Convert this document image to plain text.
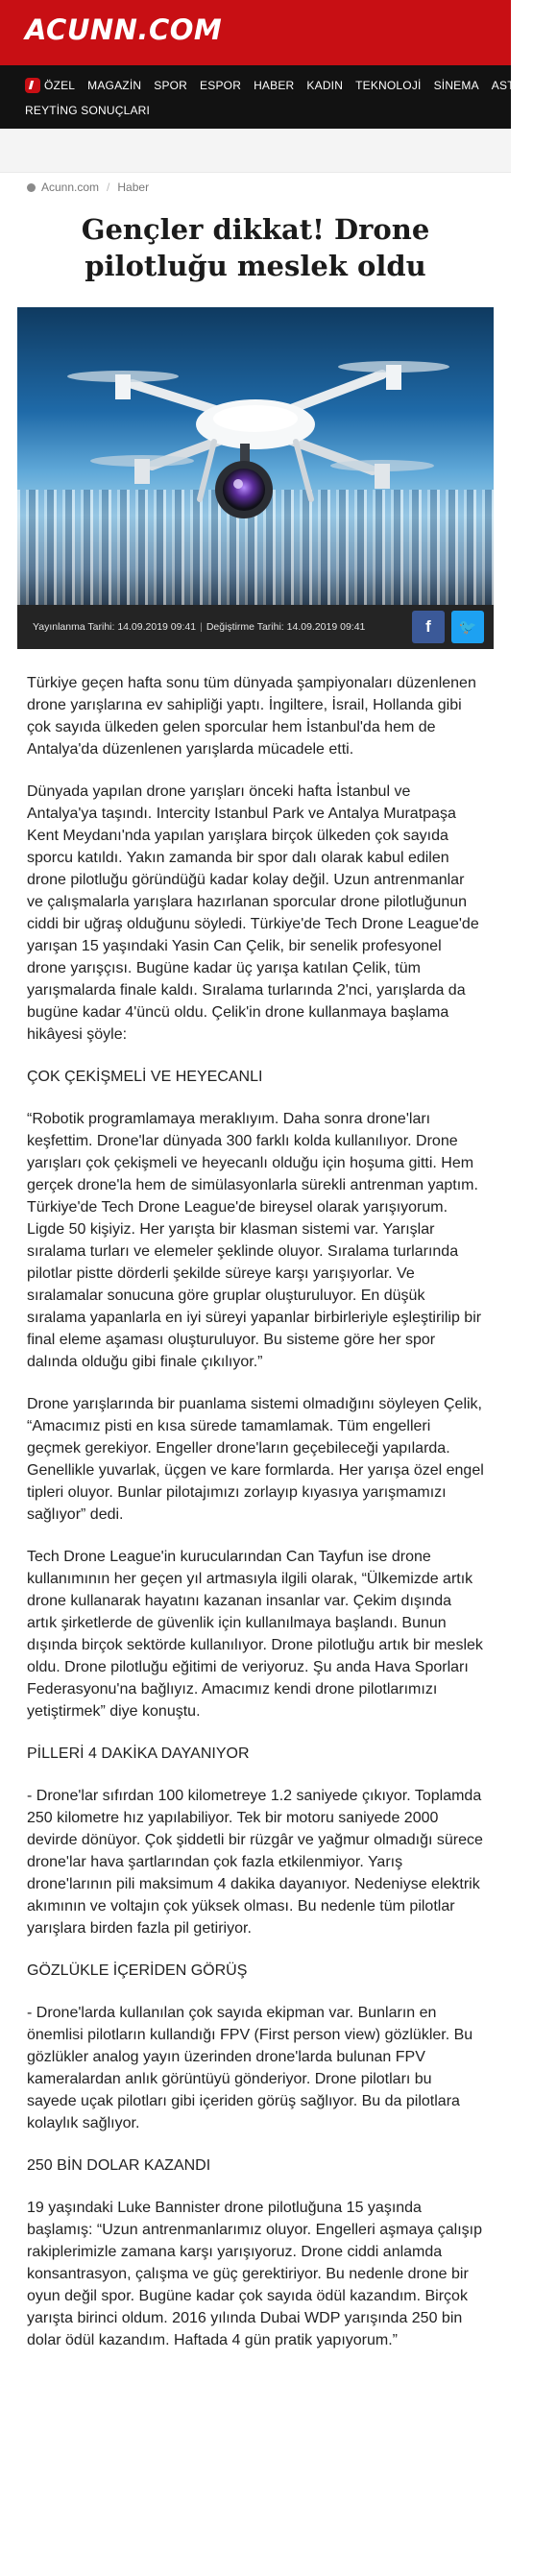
ACUNN.COM
ÖZEL MAGAZİN SPOR ESPOR HABER KADIN TEKNOLOJİ SİNEMA ASTROLOJİ
REYTİNG SONUÇLARI
Acunn.com / Haber
Gençler dikkat! Drone pilotluğu meslek oldu
Yayınlanma Tarihi: 14.09.2019 09:41 | Değiştirme Tarihi: 14.09.2019 09:41	f 🐦

Türkiye geçen hafta sonu tüm dünyada şampiyonaları düzenlenen drone yarışlarına ev sahipliği yaptı. İngiltere, İsrail, Hollanda gibi çok sayıda ülkeden gelen sporcular hem İstanbul'da hem de Antalya'da düzenlenen yarışlarda mücadele etti.

Dünyada yapılan drone yarışları önceki hafta İstanbul ve Antalya'ya taşındı. Intercity Istanbul Park ve Antalya Muratpaşa Kent Meydanı'nda yapılan yarışlara birçok ülkeden çok sayıda sporcu katıldı. Yakın zamanda bir spor dalı olarak kabul edilen drone pilotluğu göründüğü kadar kolay değil. Uzun antrenmanlar ve çalışmalarla yarışlara hazırlanan sporcular drone pilotluğunun ciddi bir uğraş olduğunu söyledi. Türkiye'de Tech Drone League'de yarışan 15 yaşındaki Yasin Can Çelik, bir senelik profesyonel drone yarışçısı. Bugüne kadar üç yarışa katılan Çelik, tüm yarışmalarda finale kaldı. Sıralama turlarında 2'nci, yarışlarda da bugüne kadar 4'üncü oldu. Çelik'in drone kullanmaya başlama hikâyesi şöyle:

ÇOK ÇEKİŞMELİ VE HEYECANLI

“Robotik programlamaya meraklıyım. Daha sonra drone'ları keşfettim. Drone'lar dünyada 300 farklı kolda kullanılıyor. Drone yarışları çok çekişmeli ve heyecanlı olduğu için hoşuma gitti. Hem gerçek drone'la hem de simülasyonlarla sürekli antrenman yaptım. Türkiye'de Tech Drone League'de bireysel olarak yarışıyorum. Ligde 50 kişiyiz. Her yarışta bir klasman sistemi var. Yarışlar sıralama turları ve elemeler şeklinde oluyor. Sıralama turlarında pilotlar pistte dörderli şekilde süreye karşı yarışıyorlar. Ve sıralamalar sonucuna göre gruplar oluşturuluyor. En düşük sıralama yapanlarla en iyi süreyi yapanlar birbirleriyle eşleştirilip bir final eleme aşaması oluşturuluyor. Bu sisteme göre her spor dalında olduğu gibi finale çıkılıyor.”

Drone yarışlarında bir puanlama sistemi olmadığını söyleyen Çelik, “Amacımız pisti en kısa sürede tamamlamak. Tüm engelleri geçmek gerekiyor. Engeller drone'ların geçebileceği yapılarda. Genellikle yuvarlak, üçgen ve kare formlarda. Her yarışa özel engel tipleri oluyor. Bunlar pilotajımızı zorlayıp kıyasıya yarışmamızı sağlıyor” dedi.

Tech Drone League'in kurucularından Can Tayfun ise drone kullanımının her geçen yıl artmasıyla ilgili olarak, “Ülkemizde artık drone kullanarak hayatını kazanan insanlar var. Çekim dışında artık şirketlerde de güvenlik için kullanılmaya başlandı. Bunun dışında birçok sektörde kullanılıyor. Drone pilotluğu artık bir meslek oldu. Drone pilotluğu eğitimi de veriyoruz. Şu anda Hava Sporları Federasyonu'na bağlıyız. Amacımız kendi drone pilotlarımızı yetiştirmek” diye konuştu.

PİLLERİ 4 DAKİKA DAYANIYOR

- Drone'lar sıfırdan 100 kilometreye 1.2 saniyede çıkıyor. Toplamda 250 kilometre hız yapılabiliyor. Tek bir motoru saniyede 2000 devirde dönüyor. Çok şiddetli bir rüzgâr ve yağmur olmadığı sürece drone'lar hava şartlarından çok fazla etkilenmiyor. Yarış drone'larının pili maksimum 4 dakika dayanıyor. Nedeniyse elektrik akımının ve voltajın çok yüksek olması. Bu nedenle tüm pilotlar yarışlara birden fazla pil getiriyor.

GÖZLÜKLE İÇERİDEN GÖRÜŞ

- Drone'larda kullanılan çok sayıda ekipman var. Bunların en önemlisi pilotların kullandığı FPV (First person view) gözlükler. Bu gözlükler analog yayın üzerinden drone'larda bulunan FPV kameralardan anlık görüntüyü gönderiyor. Drone pilotları bu sayede uçak pilotları gibi içeriden görüş sağlıyor. Bu da pilotlara kolaylık sağlıyor.

250 BİN DOLAR KAZANDI

19 yaşındaki Luke Bannister drone pilotluğuna 15 yaşında başlamış: “Uzun antrenmanlarımız oluyor. Engelleri aşmaya çalışıp rakiplerimizle zamana karşı yarışıyoruz. Drone ciddi anlamda konsantrasyon, çalışma ve güç gerektiriyor. Bu nedenle drone bir oyun değil spor. Bugüne kadar çok sayıda ödül kazandım. Birçok yarışta birinci oldum. 2016 yılında Dubai WDP yarışında 250 bin dolar ödül kazandım. Haftada 4 gün pratik yapıyorum.”
